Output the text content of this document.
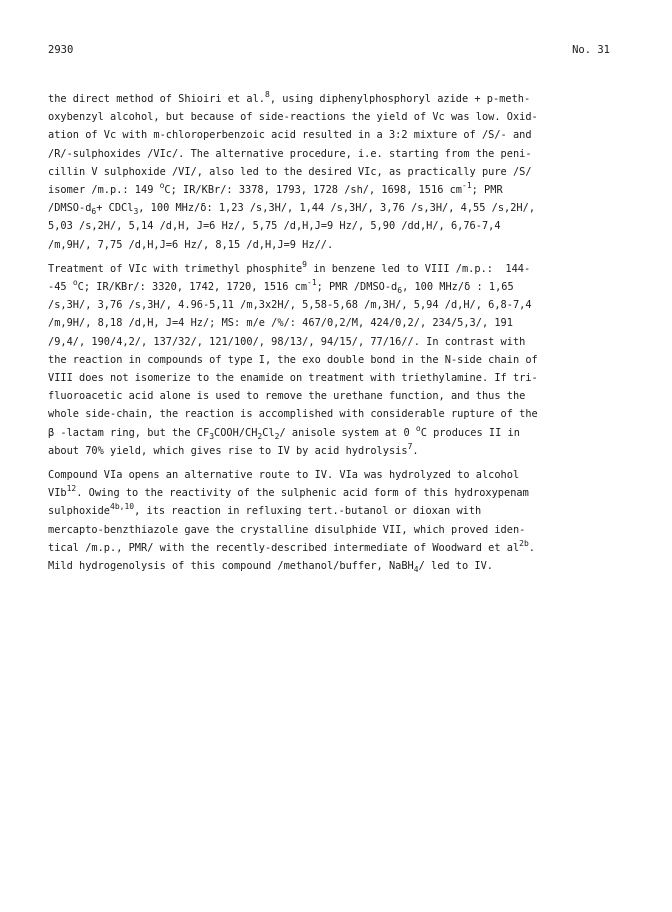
2930	No. 31
the direct method of Shioiri et al.$^8$, using diphenylphosphoryl azide + p-meth-
oxybenzyl alcohol, but because of side-reactions the yield of Vc was low. Oxid-
ation of Vc with m-chloroperbenzoic acid resulted in a 3:2 mixture of /S/- and
/R/-sulphoxides /VIc/. The alternative procedure, i.e. starting from the peni-
cillin V sulphoxide /VI/, also led to the desired VIc, as practically pure /S/
isomer /m.p.: 149 $^o$C; IR/KBr/: 3378, 1793, 1728 /sh/, 1698, 1516 $cm^{-1}$; PMR
$/DMSO-d_6+$ CDCl$_3$, 100 MHz/δ: 1,23 /s,3H/, 1,44 /s,3H/, 3,76 /s,3H/, 4,55 /s,2H/,
5,03 /s,2H/, 5,14 /d,H, J=6 Hz/, 5,75 /d,H,J=9 Hz/, 5,90 /dd,H/, 6,76-7,4
/m,9H/, 7,75 /d,H,J=6 Hz/, 8,15 /d,H,J=9 Hz//.
Treatment of VIc with trimethyl phosphite$^9$ in benzene led to VIII /m.p.:  144-
-45 $^o$C; IR/KBr/: 3320, 1742, 1720, 1516 $cm^{-1}$; PMR $/DMSO-d_6$, 100 MHz/δ : 1,65
/s,3H/, 3,76 /s,3H/, 4.96-5,11 /m,3x2H/, 5,58-5,68 /m,3H/, 5,94 /d,H/, 6,8-7,4
/m,9H/, 8,18 /d,H, J=4 Hz/; MS: m/e /%/: 467/0,2/M, 424/0,2/, 234/5,3/, 191
/9,4/, 190/4,2/, 137/32/, 121/100/, 98/13/, 94/15/, 77/16//. In contrast with
the reaction in compounds of type I, the exo double bond in the N-side chain of
VIII does not isomerize to the enamide on treatment with triethylamine. If tri-
fluoroacetic acid alone is used to remove the urethane function, and thus the
whole side-chain, the reaction is accomplished with considerable rupture of the
β -lactam ring, but the $CF_3COOH/CH_2Cl_2/$ anisole system at 0 $^o$C produces II in
about 70% yield, which gives rise to IV by acid hydrolysis$^7$.
Compound VIa opens an alternative route to IV. VIa was hydrolyzed to alcohol
VIb$^{12}$. Owing to the reactivity of the sulphenic acid form of this hydroxypenam
sulphoxide$^{4b,10}$, its reaction in refluxing tert.-butanol or dioxan with
mercapto-benzthiazole gave the crystalline disulphide VII, which proved iden-
tical /m.p., PMR/ with the recently-described intermediate of Woodward et $al^{2b}$.
Mild hydrogenolysis of this compound /methanol/buffer, NaBH$_4$/ led to IV.
